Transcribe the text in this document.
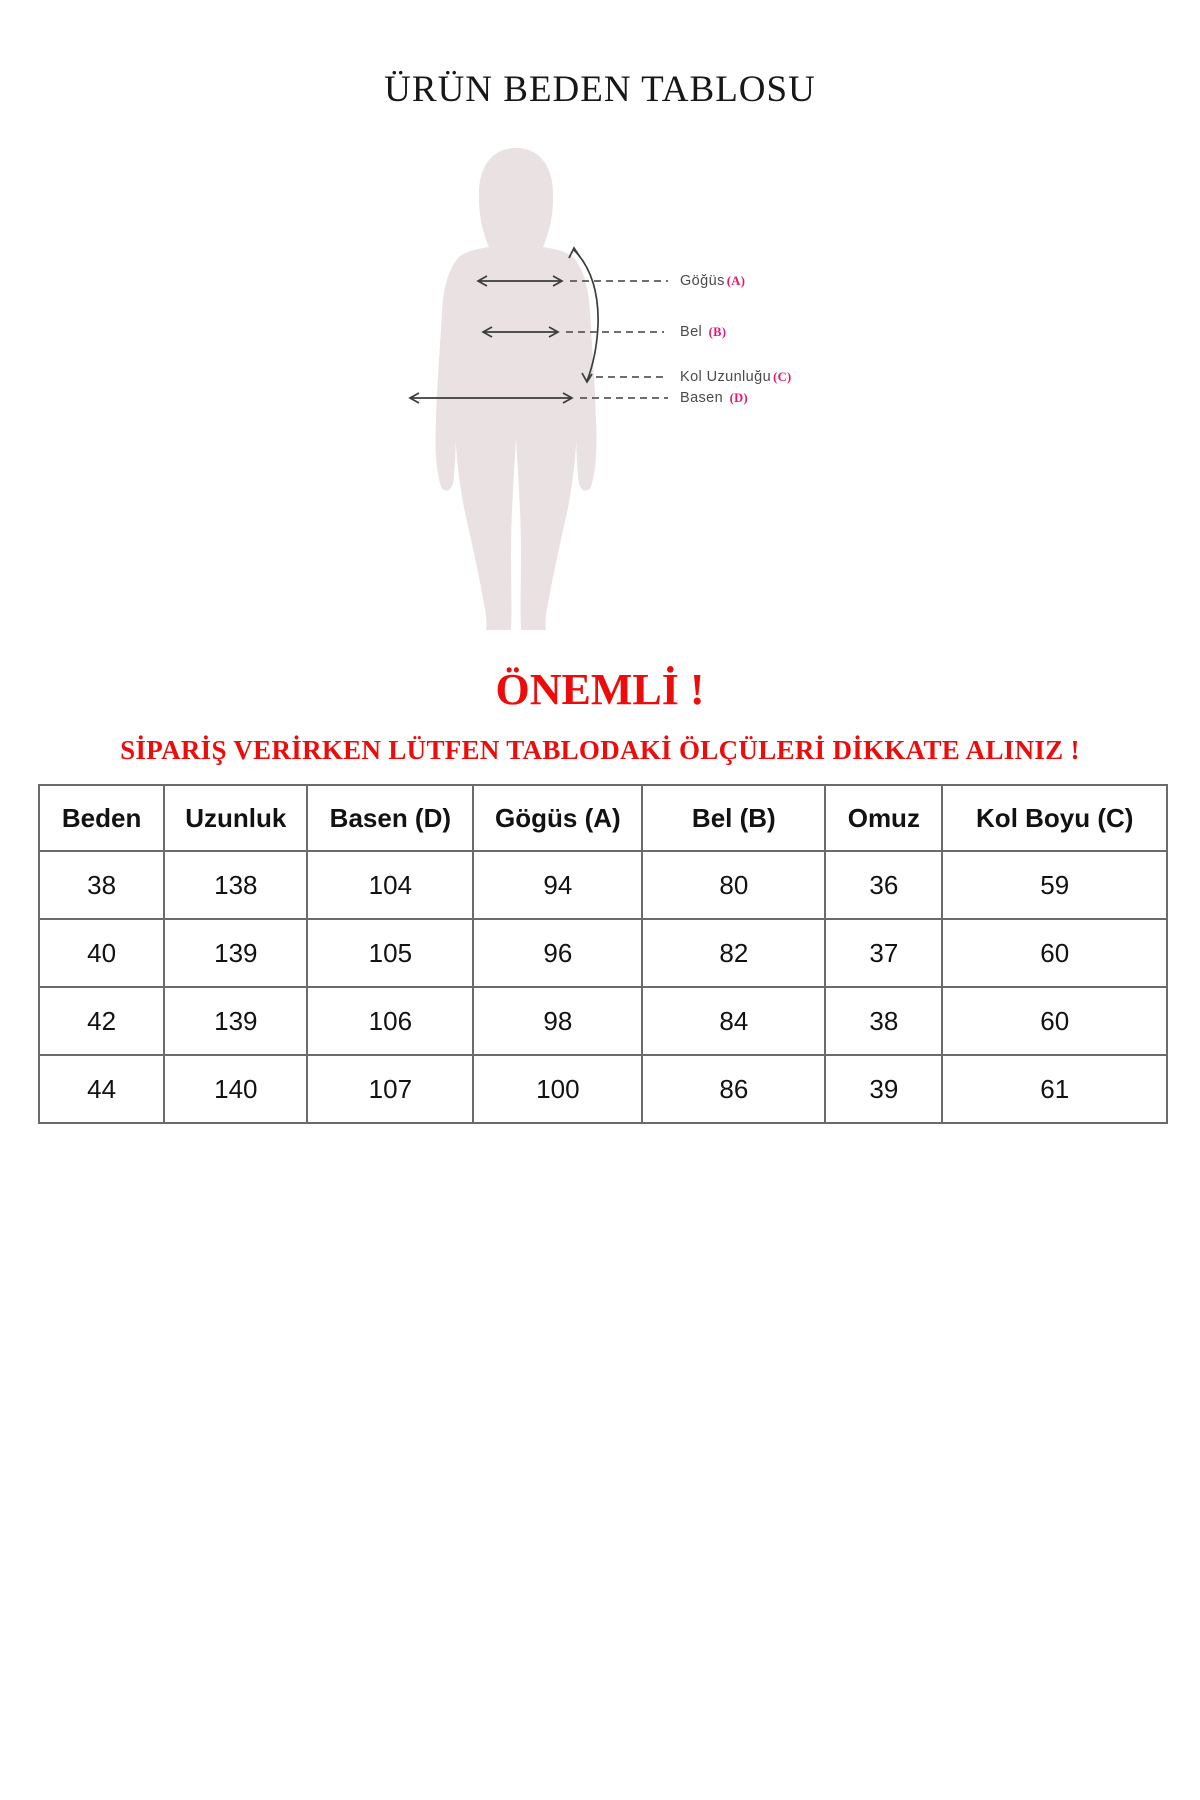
ÜRÜN BEDEN TABLOSU
Göğüs (A)
Bel (B)
Kol Uzunluğu (C)
Basen (D)
ÖNEMLİ !
SİPARİŞ VERİRKEN LÜTFEN TABLODAKİ ÖLÇÜLERİ DİKKATE ALINIZ !
Beden	Uzunluk	Basen (D)	Gögüs (A)	Bel (B)	Omuz	Kol Boyu (C)
38	138	104	94	80	36	59
40	139	105	96	82	37	60
42	139	106	98	84	38	60
44	140	107	100	86	39	61
